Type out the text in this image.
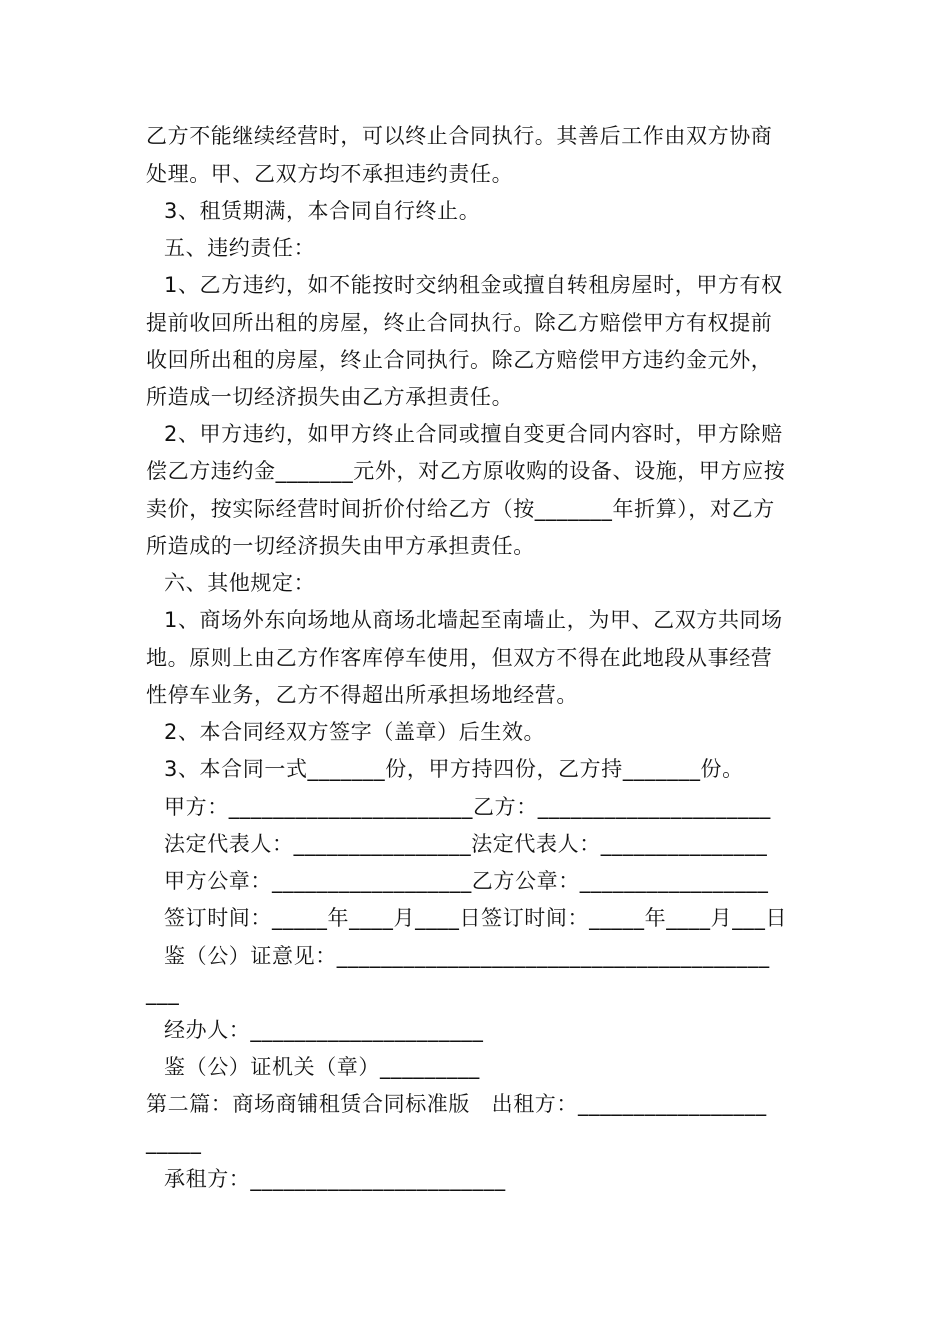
乙方不能继续经营时，可以终止合同执行。其善后工作由双方协商
处理。甲、乙双方均不承担违约责任。
3、租赁期满，本合同自行终止。
五、违约责任：
1、乙方违约，如不能按时交纳租金或擅自转租房屋时，甲方有权
提前收回所出租的房屋，终止合同执行。除乙方赔偿甲方有权提前
收回所出租的房屋，终止合同执行。除乙方赔偿甲方违约金元外，
所造成一切经济损失由乙方承担责任。
2、甲方违约，如甲方终止合同或擅自变更合同内容时，甲方除赔
偿乙方违约金_______元外，对乙方原收购的设备、设施，甲方应按
卖价，按实际经营时间折价付给乙方（按_______年折算），对乙方
所造成的一切经济损失由甲方承担责任。
六、其他规定：
1、商场外东向场地从商场北墙起至南墙止，为甲、乙双方共同场
地。原则上由乙方作客库停车使用，但双方不得在此地段从事经营
性停车业务，乙方不得超出所承担场地经营。
2、本合同经双方签字（盖章）后生效。
3、本合同一式_______份，甲方持四份，乙方持_______份。
甲方：______________________乙方：_____________________
法定代表人：________________法定代表人：_______________
甲方公章：__________________乙方公章：_________________
签订时间：_____年____月____日签订时间：_____年____月___日
鉴（公）证意见：_______________________________________
___
经办人：_____________________
鉴（公）证机关（章）_________
第二篇：商场商铺租赁合同标准版　出租方：_________________
_____
承租方：_______________________
